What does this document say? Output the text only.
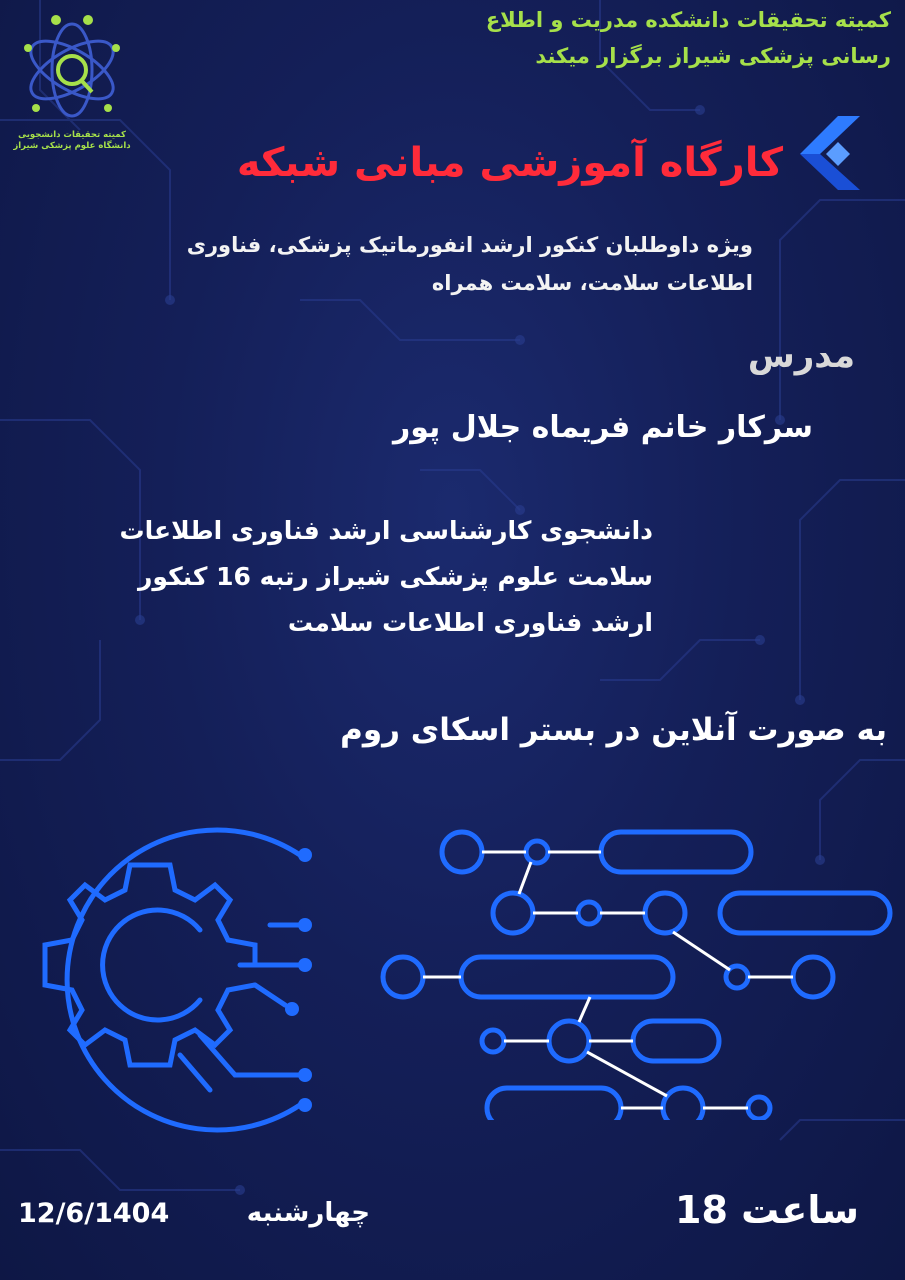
کمیته تحقیقات دانشجویی
دانشگاه علوم پزشکی شیراز
کمیته تحقیقات دانشکده مدریت و اطلاع
رسانی پزشکی شیراز برگزار میکند
کارگاه آموزشی مبانی شبکه
ویژه داوطلبان کنکور ارشد انفورماتیک پزشکی، فناوری
اطلاعات سلامت، سلامت همراه
مدرس
سرکار خانم فریماه جلال پور
دانشجوی کارشناسی ارشد فناوری اطلاعات
سلامت علوم پزشکی شیراز رتبه 16 کنکور
ارشد فناوری اطلاعات سلامت
به صورت آنلاین در بستر اسکای روم
ساعت 18
چهارشنبه
12/6/1404
